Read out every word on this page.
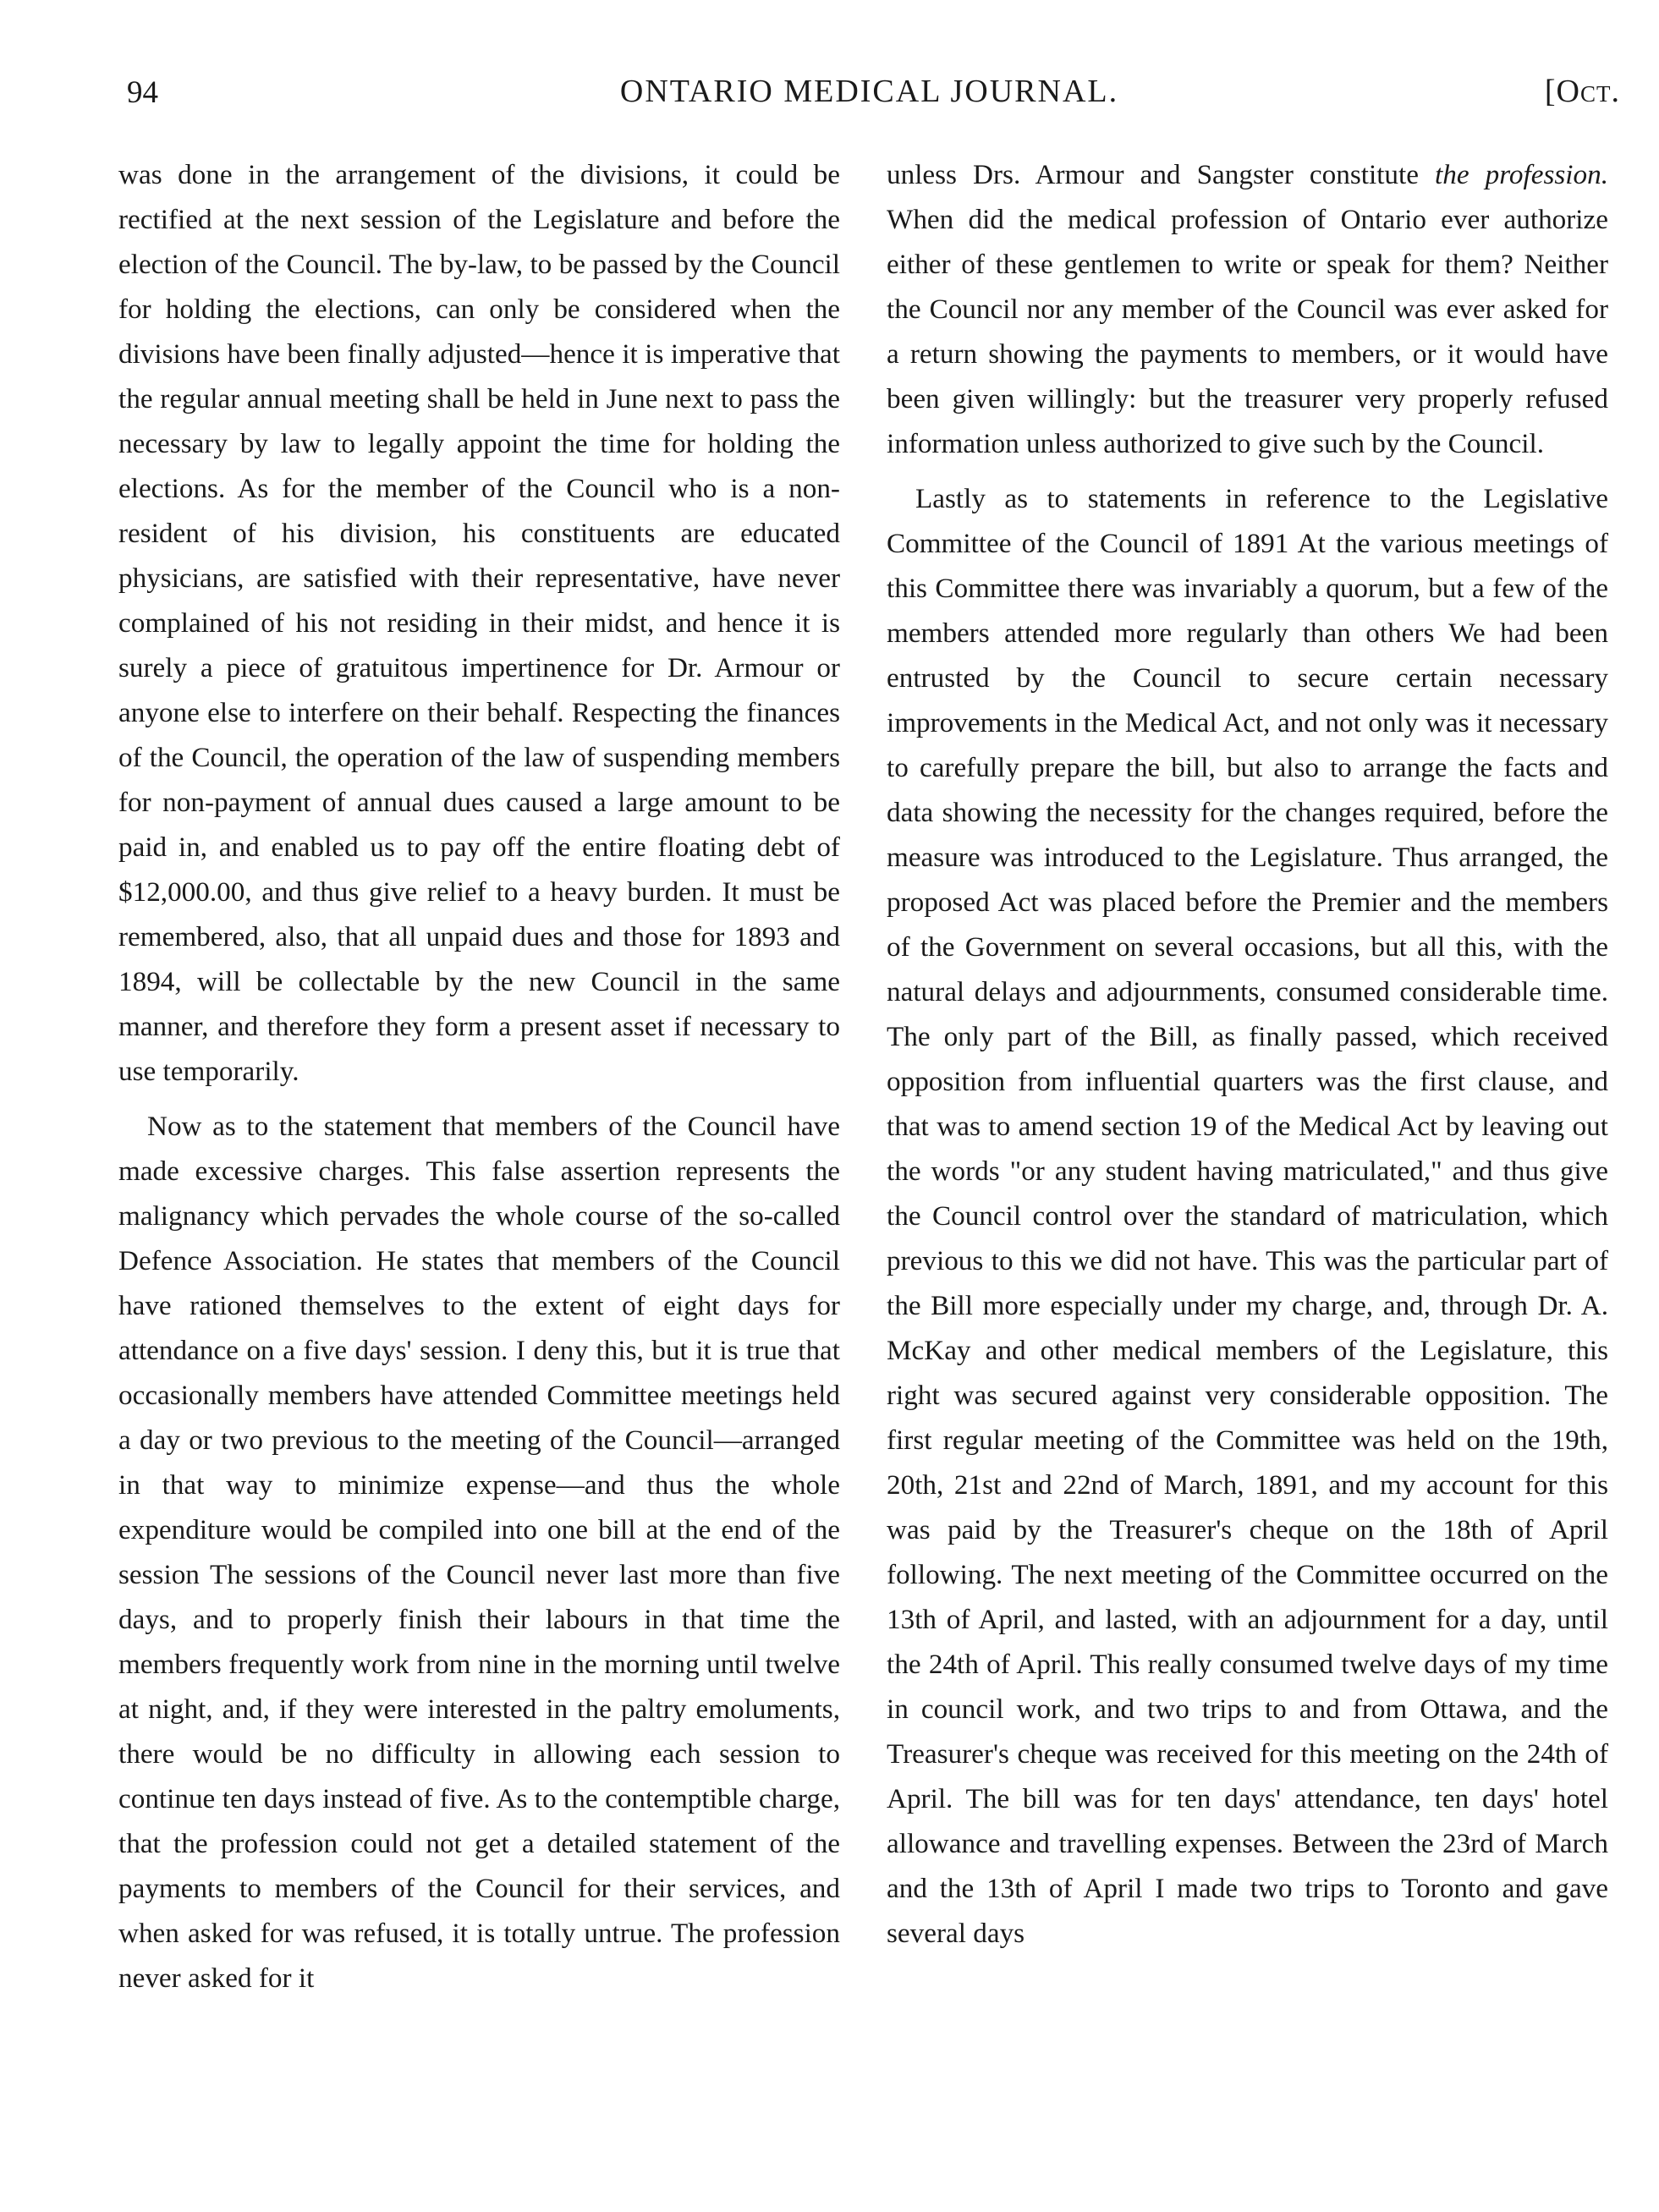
94	ONTARIO MEDICAL JOURNAL.	[Oct.

was done in the arrangement of the divisions, it could be rectified at the next session of the Legislature and before the election of the Council. The by-law, to be passed by the Council for holding the elections, can only be considered when the divisions have been finally adjusted—hence it is imperative that the regular annual meeting shall be held in June next to pass the necessary by law to legally appoint the time for holding the elections. As for the member of the Council who is a non-resident of his division, his constituents are educated physicians, are satisfied with their representative, have never complained of his not residing in their midst, and hence it is surely a piece of gratuitous impertinence for Dr. Armour or anyone else to interfere on their behalf. Respecting the finances of the Council, the operation of the law of suspending members for non-payment of annual dues caused a large amount to be paid in, and enabled us to pay off the entire floating debt of $12,000.00, and thus give relief to a heavy burden. It must be remembered, also, that all unpaid dues and those for 1893 and 1894, will be collectable by the new Council in the same manner, and therefore they form a present asset if necessary to use temporarily.

Now as to the statement that members of the Council have made excessive charges. This false assertion represents the malignancy which pervades the whole course of the so-called Defence Association. He states that members of the Council have rationed themselves to the extent of eight days for attendance on a five days' session. I deny this, but it is true that occasionally members have attended Committee meetings held a day or two previous to the meeting of the Council—arranged in that way to minimize expense—and thus the whole expenditure would be compiled into one bill at the end of the session The sessions of the Council never last more than five days, and to properly finish their labours in that time the members frequently work from nine in the morning until twelve at night, and, if they were interested in the paltry emoluments, there would be no difficulty in allowing each session to continue ten days instead of five. As to the contemptible charge, that the profession could not get a detailed statement of the payments to members of the Council for their services, and when asked for was refused, it is totally untrue. The profession never asked for it

unless Drs. Armour and Sangster constitute the profession. When did the medical profession of Ontario ever authorize either of these gentlemen to write or speak for them? Neither the Council nor any member of the Council was ever asked for a return showing the payments to members, or it would have been given willingly: but the treasurer very properly refused information unless authorized to give such by the Council.

Lastly as to statements in reference to the Legislative Committee of the Council of 1891 At the various meetings of this Committee there was invariably a quorum, but a few of the members attended more regularly than others We had been entrusted by the Council to secure certain necessary improvements in the Medical Act, and not only was it necessary to carefully prepare the bill, but also to arrange the facts and data showing the necessity for the changes required, before the measure was introduced to the Legislature. Thus arranged, the proposed Act was placed before the Premier and the members of the Government on several occasions, but all this, with the natural delays and adjournments, consumed considerable time. The only part of the Bill, as finally passed, which received opposition from influential quarters was the first clause, and that was to amend section 19 of the Medical Act by leaving out the words "or any student having matriculated," and thus give the Council control over the standard of matriculation, which previous to this we did not have. This was the particular part of the Bill more especially under my charge, and, through Dr. A. McKay and other medical members of the Legislature, this right was secured against very considerable opposition. The first regular meeting of the Committee was held on the 19th, 20th, 21st and 22nd of March, 1891, and my account for this was paid by the Treasurer's cheque on the 18th of April following. The next meeting of the Committee occurred on the 13th of April, and lasted, with an adjournment for a day, until the 24th of April. This really consumed twelve days of my time in council work, and two trips to and from Ottawa, and the Treasurer's cheque was received for this meeting on the 24th of April. The bill was for ten days' attendance, ten days' hotel allowance and travelling expenses. Between the 23rd of March and the 13th of April I made two trips to Toronto and gave several days
